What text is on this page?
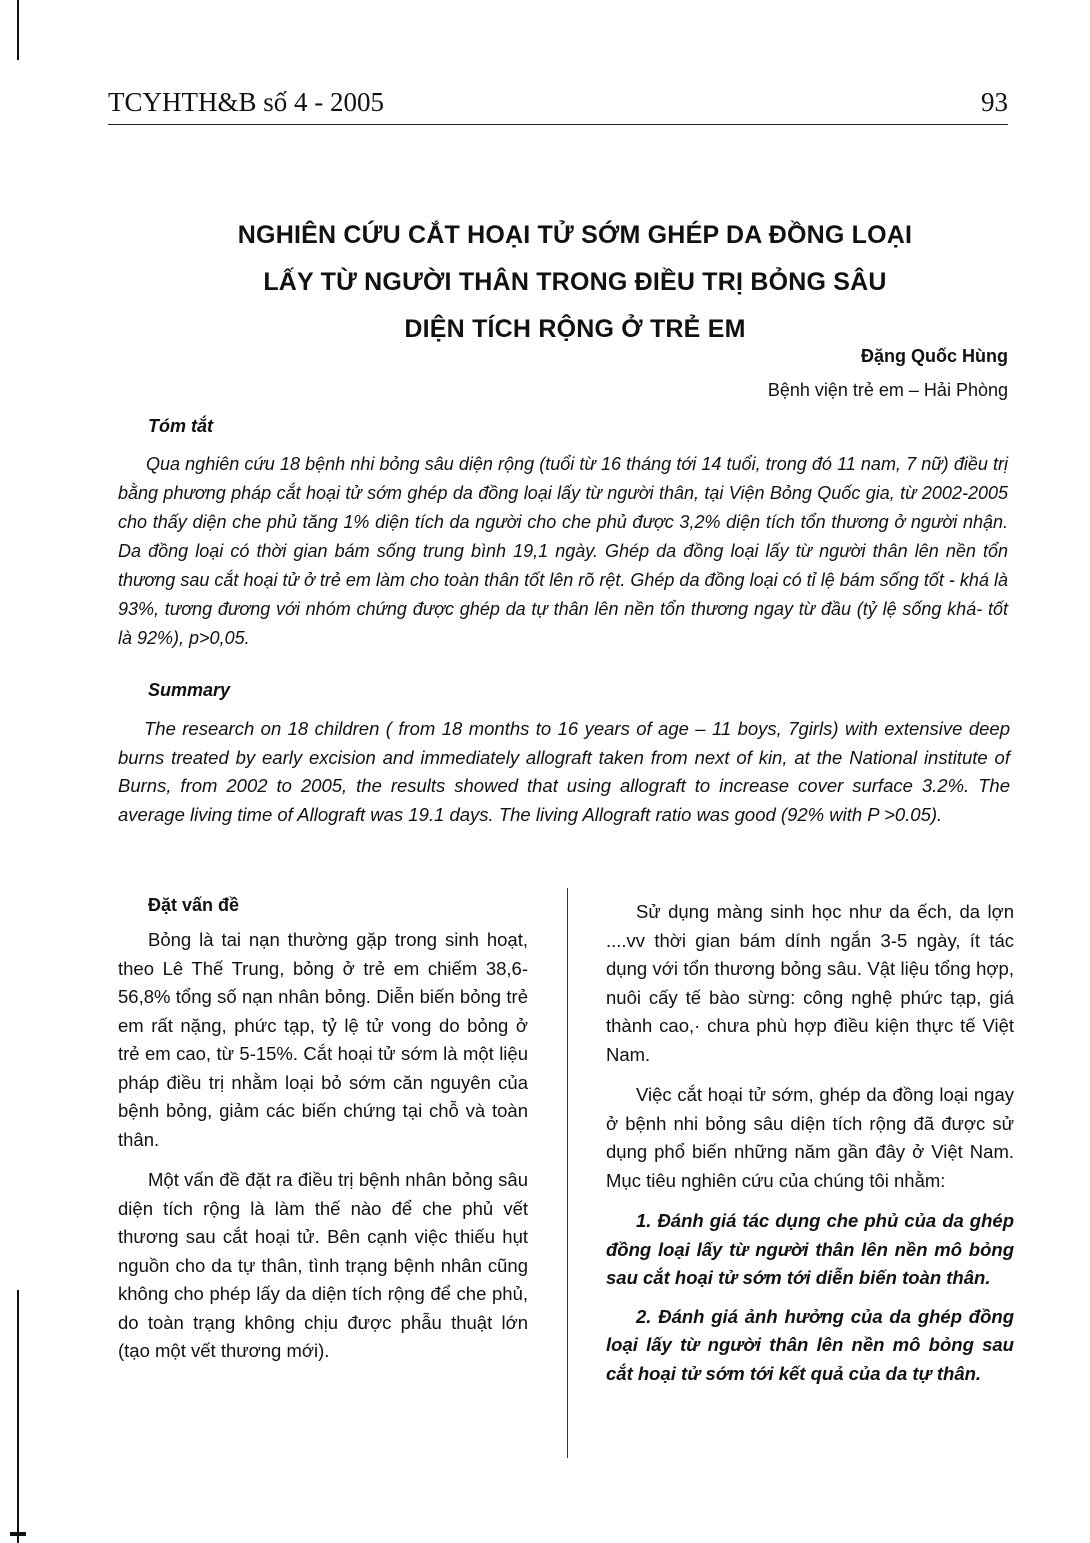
TCYHTH&B số 4 - 2005	93
NGHIÊN CỨU CẮT HOẠI TỬ SỚM GHÉP DA ĐỒNG LOẠI
LẤY TỪ NGƯỜI THÂN TRONG ĐIỀU TRỊ BỎNG SÂU
DIỆN TÍCH RỘNG Ở TRẺ EM
Đặng Quốc Hùng
Bệnh viện trẻ em – Hải Phòng
Tóm tắt

Qua nghiên cứu 18 bệnh nhi bỏng sâu diện rộng (tuổi từ 16 tháng tới 14 tuổi, trong đó 11 nam, 7 nữ) điều trị bằng phương pháp cắt hoại tử sớm ghép da đồng loại lấy từ người thân, tại Viện Bỏng Quốc gia, từ 2002-2005 cho thấy diện che phủ tăng 1% diện tích da người cho che phủ được 3,2% diện tích tổn thương ở người nhận. Da đồng loại có thời gian bám sống trung bình 19,1 ngày. Ghép da đồng loại lấy từ người thân lên nền tổn thương sau cắt hoại tử ở trẻ em làm cho toàn thân tốt lên rõ rệt. Ghép da đồng loại có tỉ lệ bám sống tốt - khá là 93%, tương đương với nhóm chứng được ghép da tự thân lên nền tổn thương ngay từ đầu (tỷ lệ sống khá- tốt là 92%), p>0,05.

Summary

The research on 18 children ( from 18 months to 16 years of age – 11 boys, 7girls) with extensive deep burns treated by early excision and immediately allograft taken from next of kin, at the National institute of Burns, from 2002 to 2005, the results showed that using allograft to increase cover surface 3.2%. The average living time of Allograft was 19.1 days. The living Allograft ratio was good (92% with P >0.05).

Đặt vấn đề

Bỏng là tai nạn thường gặp trong sinh hoạt, theo Lê Thế Trung, bỏng ở trẻ em chiếm 38,6-56,8% tổng số nạn nhân bỏng. Diễn biến bỏng trẻ em rất nặng, phức tạp, tỷ lệ tử vong do bỏng ở trẻ em cao, từ 5-15%. Cắt hoại tử sớm là một liệu pháp điều trị nhằm loại bỏ sớm căn nguyên của bệnh bỏng, giảm các biến chứng tại chỗ và toàn thân.

Một vấn đề đặt ra điều trị bệnh nhân bỏng sâu diện tích rộng là làm thế nào để che phủ vết thương sau cắt hoại tử. Bên cạnh việc thiếu hụt nguồn cho da tự thân, tình trạng bệnh nhân cũng không cho phép lấy da diện tích rộng để che phủ, do toàn trạng không chịu được phẫu thuật lớn (tạo một vết thương mới).

Sử dụng màng sinh học như da ếch, da lợn ....vv thời gian bám dính ngắn 3-5 ngày, ít tác dụng với tổn thương bỏng sâu. Vật liệu tổng hợp, nuôi cấy tế bào sừng: công nghệ phức tạp, giá thành cao,· chưa phù hợp điều kiện thực tế Việt Nam.

Việc cắt hoại tử sớm, ghép da đồng loại ngay ở bệnh nhi bỏng sâu diện tích rộng đã được sử dụng phổ biến những năm gần đây ở Việt Nam. Mục tiêu nghiên cứu của chúng tôi nhằm:

1. Đánh giá tác dụng che phủ của da ghép đồng loại lấy từ người thân lên nền mô bỏng sau cắt hoại tử sớm tới diễn biến toàn thân.

2. Đánh giá ảnh hưởng của da ghép đồng loại lấy từ người thân lên nền mô bỏng sau cắt hoại tử sớm tới kết quả của da tự thân.
